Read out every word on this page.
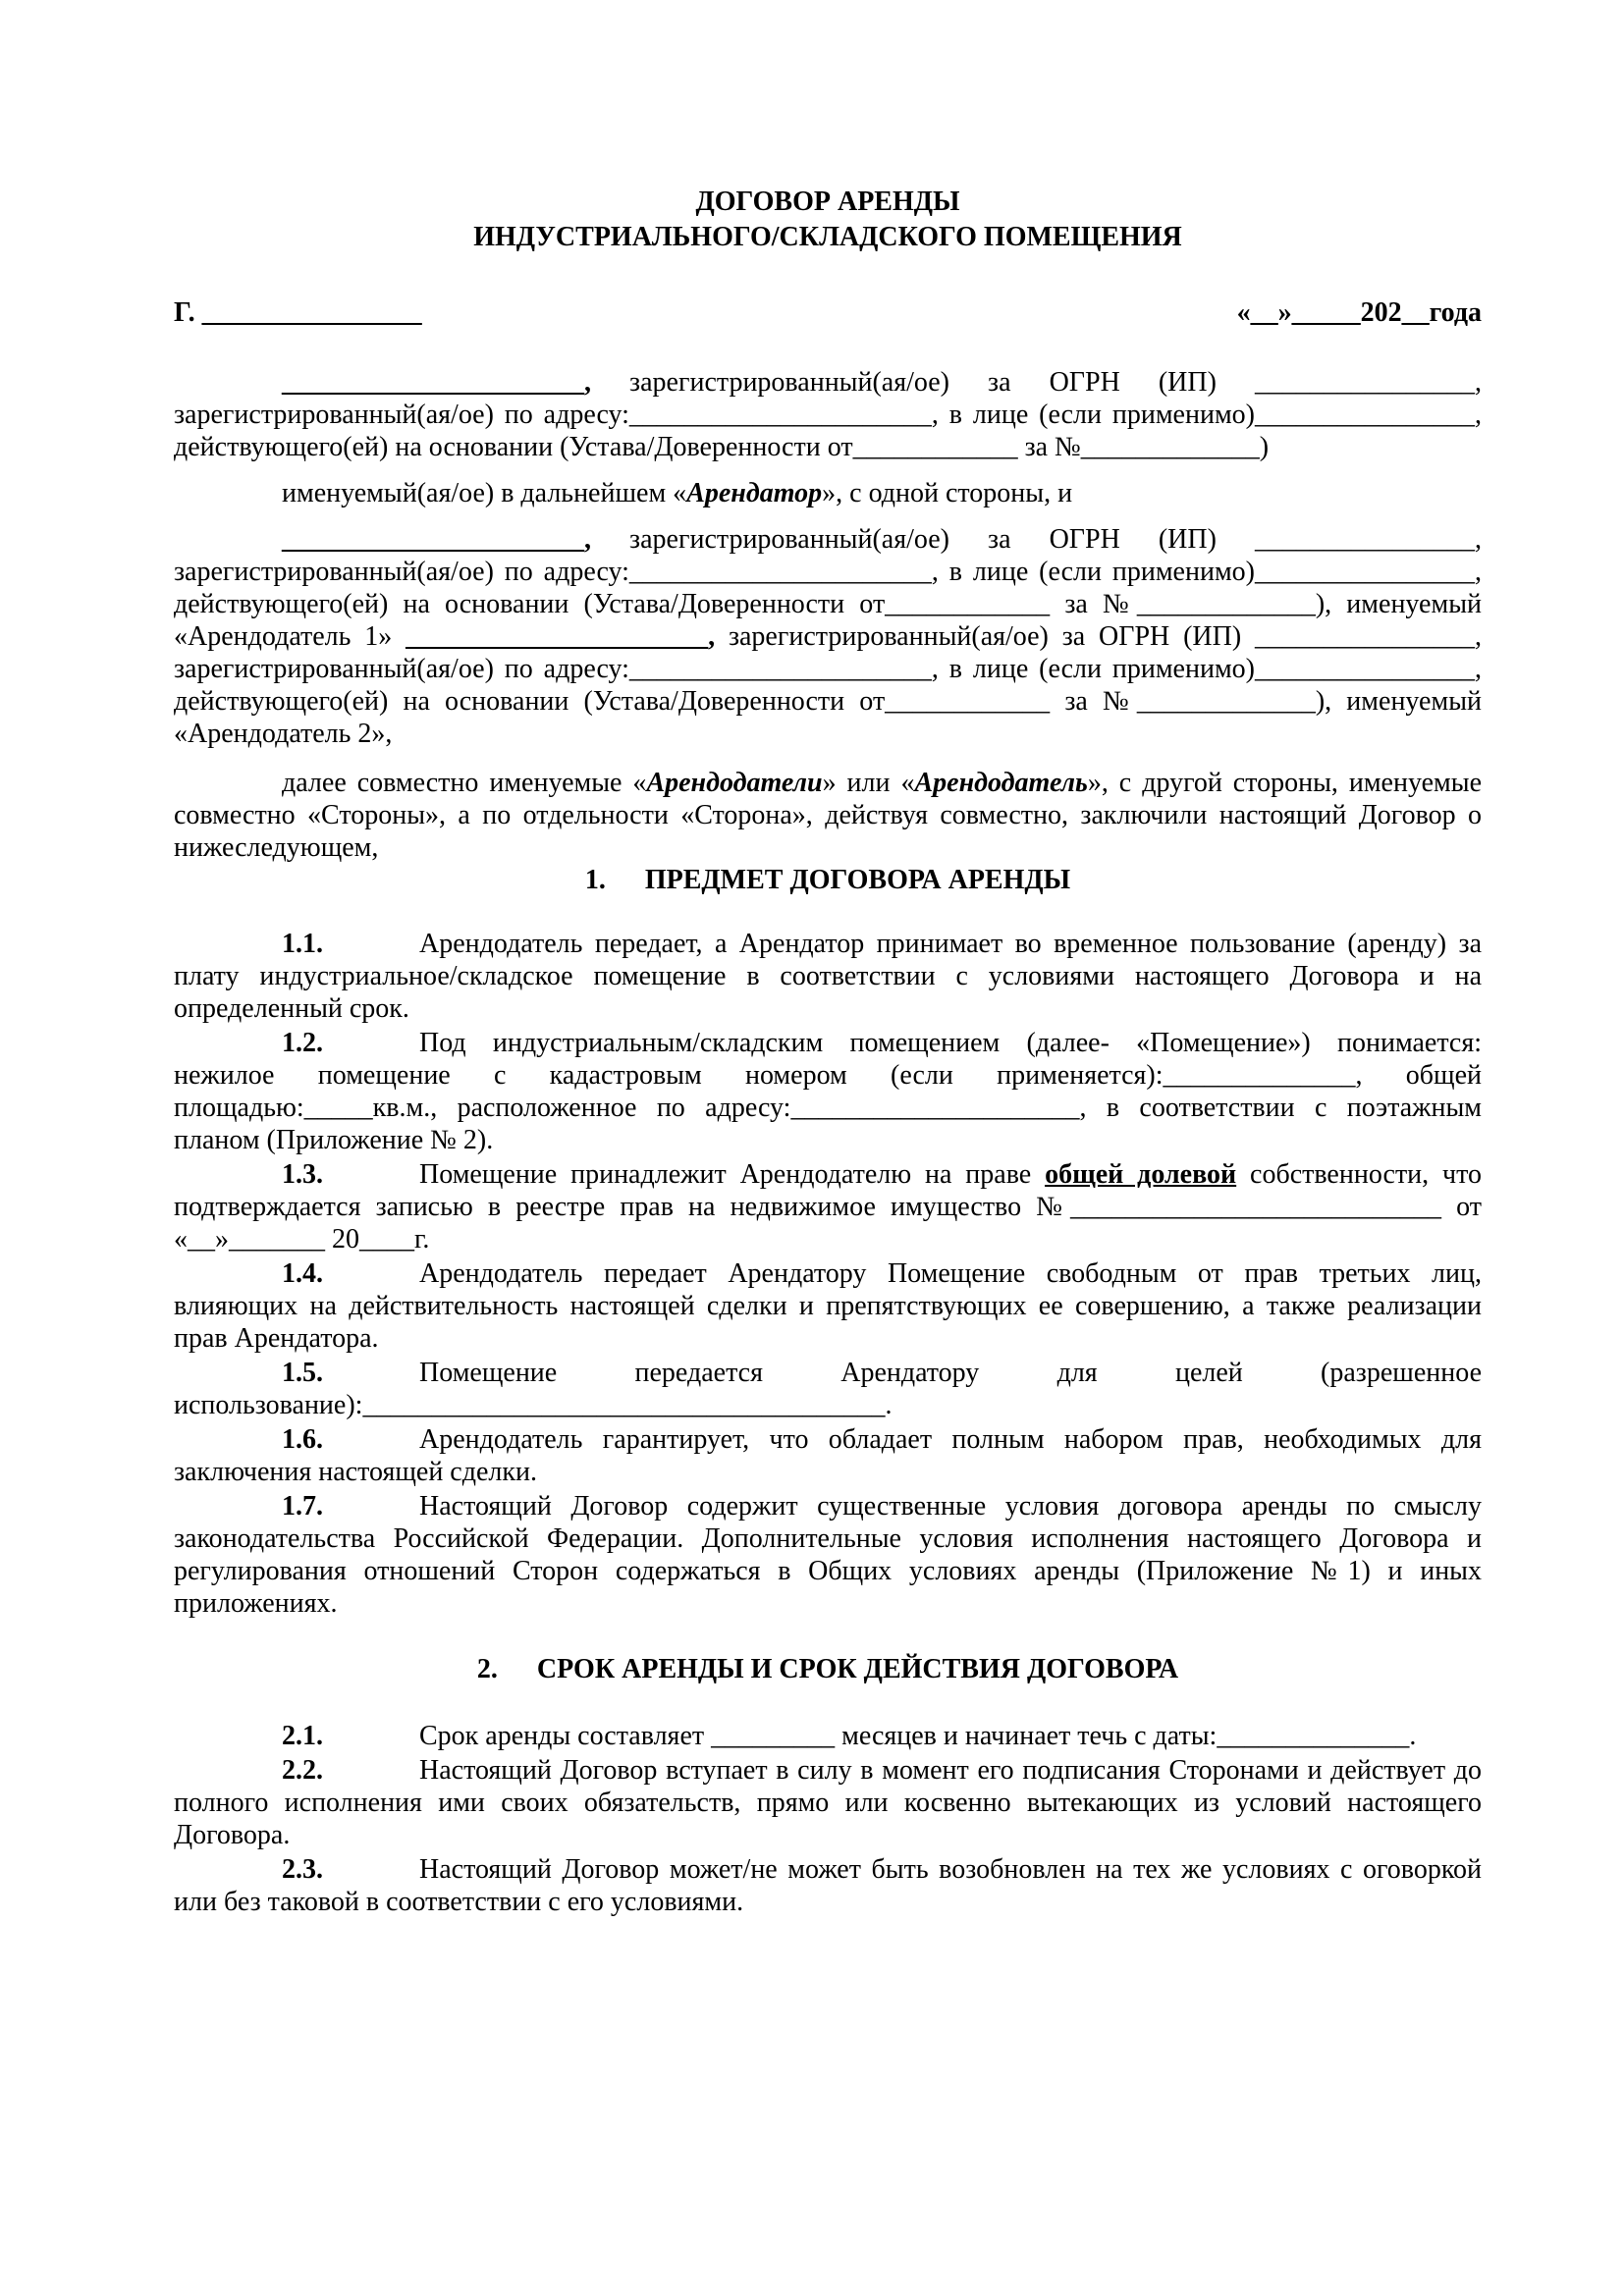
ДОГОВОР АРЕНДЫ
ИНДУСТРИАЛЬНОГО/СКЛАДСКОГО ПОМЕЩЕНИЯ
Г. ________________	«__»_____202__года

______________________, зарегистрированный(ая/ое) за ОГРН (ИП) ________________, зарегистрированный(ая/ое) по адресу:______________________, в лице (если применимо)________________, действующего(ей) на основании (Устава/Доверенности от____________ за №_____________)

именуемый(ая/ое) в дальнейшем «Арендатор», с одной стороны, и

______________________, зарегистрированный(ая/ое) за ОГРН (ИП) ________________, зарегистрированный(ая/ое) по адресу:______________________, в лице (если применимо)________________, действующего(ей) на основании (Устава/Доверенности от____________ за №_____________), именуемый «Арендодатель 1» ______________________, зарегистрированный(ая/ое) за ОГРН (ИП) ________________, зарегистрированный(ая/ое) по адресу:______________________, в лице (если применимо)________________, действующего(ей) на основании (Устава/Доверенности от____________ за №_____________), именуемый «Арендодатель 2»,

далее совместно именуемые «Арендодатели» или «Арендодатель», с другой стороны, именуемые совместно «Стороны», а по отдельности «Сторона», действуя совместно, заключили настоящий Договор о нижеследующем,

1. ПРЕДМЕТ ДОГОВОРА АРЕНДЫ

1.1.	Арендодатель передает, а Арендатор принимает во временное пользование (аренду) за плату индустриальное/складское помещение в соответствии с условиями настоящего Договора и на определенный срок.

1.2.	Под индустриальным/складским помещением (далее- «Помещение») понимается: нежилое помещение с кадастровым номером (если применяется):______________, общей площадью:_____кв.м., расположенное по адресу:_____________________, в соответствии с поэтажным планом (Приложение № 2).

1.3.	Помещение принадлежит Арендодателю на праве общей долевой собственности, что подтверждается записью в реестре прав на недвижимое имущество №___________________________ от «__»_______ 20____г.

1.4.	Арендодатель передает Арендатору Помещение свободным от прав третьих лиц, влияющих на действительность настоящей сделки и препятствующих ее совершению, а также реализации прав Арендатора.

1.5.	Помещение передается Арендатору для целей (разрешенное использование):______________________________________.

1.6.	Арендодатель гарантирует, что обладает полным набором прав, необходимых для заключения настоящей сделки.

1.7.	Настоящий Договор содержит существенные условия договора аренды по смыслу законодательства Российской Федерации. Дополнительные условия исполнения настоящего Договора и регулирования отношений Сторон содержаться в Общих условиях аренды (Приложение №1) и иных приложениях.

2. СРОК АРЕНДЫ И СРОК ДЕЙСТВИЯ ДОГОВОРА

2.1.	Срок аренды составляет _________ месяцев и начинает течь с даты:______________.

2.2.	Настоящий Договор вступает в силу в момент его подписания Сторонами и действует до полного исполнения ими своих обязательств, прямо или косвенно вытекающих из условий настоящего Договора.

2.3.	Настоящий Договор может/не может быть возобновлен на тех же условиях с оговоркой или без таковой в соответствии с его условиями.
